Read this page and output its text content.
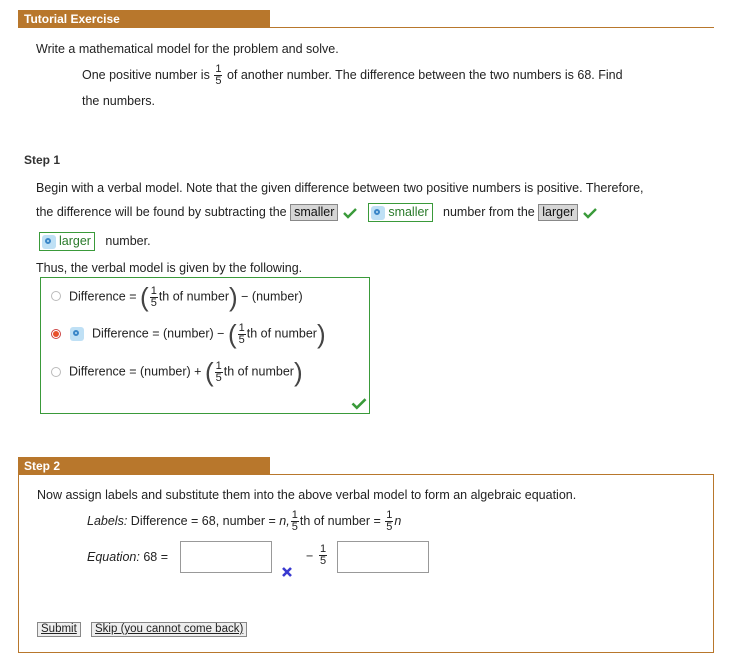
Tutorial Exercise
Write a mathematical model for the problem and solve.
One positive number is $\frac{1}{5}$ of another number. The difference between the two numbers is 68. Find
the numbers.
Step 1
Begin with a verbal model. Note that the given difference between two positive numbers is positive. Therefore,
the difference will be found by subtracting the smaller	smaller number from the larger
larger number.
Thus, the verbal model is given by the following.
Difference = ( $\frac{1}{5}$ th of number) − (number)
Difference = (number) − ( $\frac{1}{5}$ th of number)
Difference = (number) + ( $\frac{1}{5}$ th of number)
Step 2
Now assign labels and substitute them into the above verbal model to form an algebraic equation.
Labels: Difference = 68, number = n, $\frac{1}{5}$ th of number = $\frac{1}{5}$ n
Equation: 68 =	− $\frac{1}{5}$
Submit	Skip (you cannot come back)
